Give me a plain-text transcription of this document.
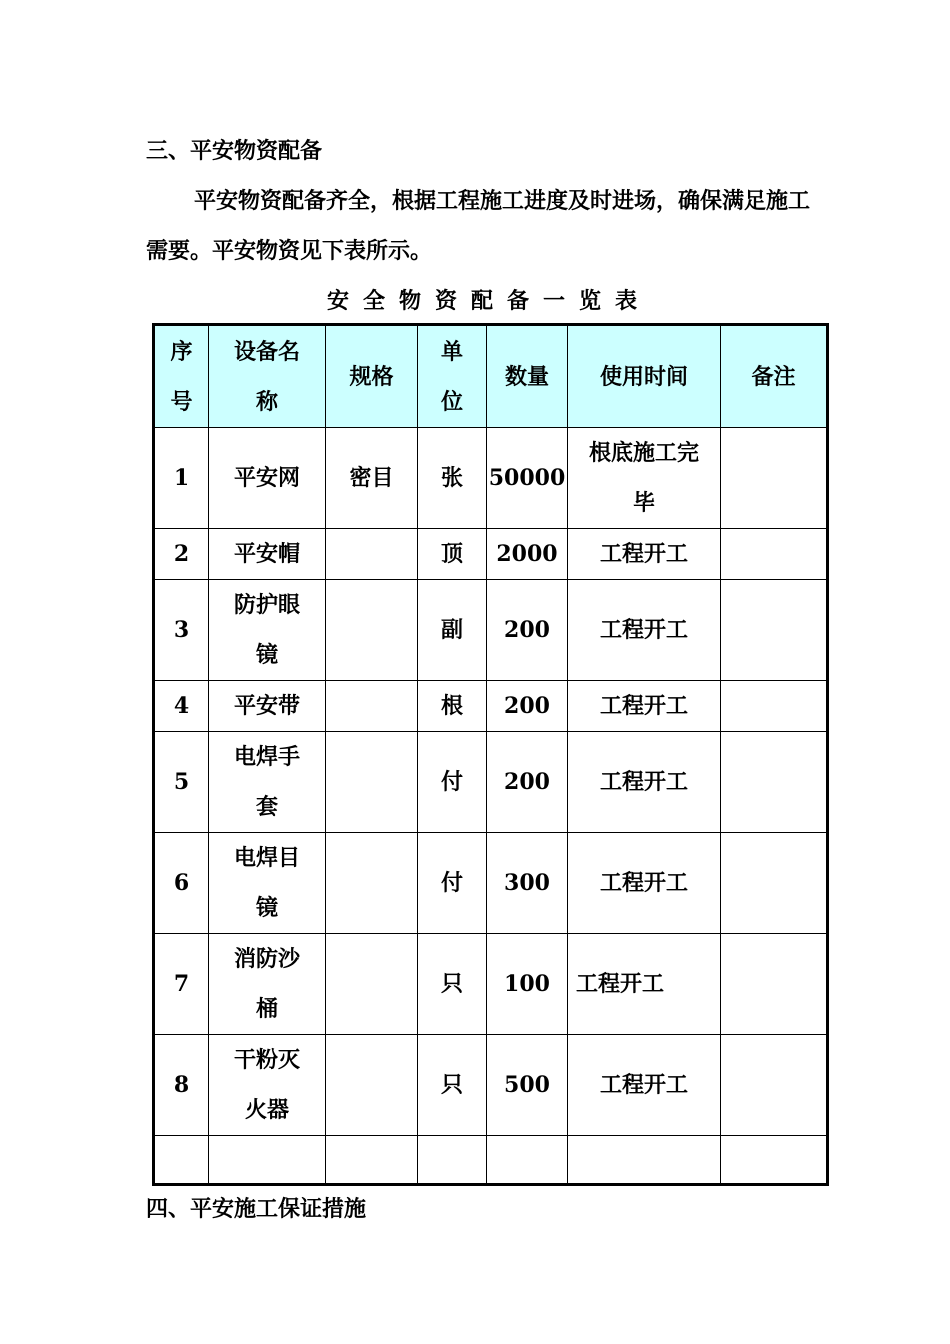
三、平安物资配备
平安物资配备齐全，根据工程施工进度及时进场，确保满足施工需要。平安物资见下表所示。
安全物资配备一览表
序号	设备名称	规格	单位	数量	使用时间	备注
1	平安网	密目	张	50000	根底施工完毕	

2	平安帽		顶	2000	工程开工	
3	防护眼镜		副	200	工程开工	
4	平安带		根	200	工程开工	
5	电焊手套		付	200	工程开工	
6	电焊目镜		付	300	工程开工	
7	消防沙桶		只	100	工程开工	
8	干粉灭火器		只	500	工程开工	

四、平安施工保证措施
